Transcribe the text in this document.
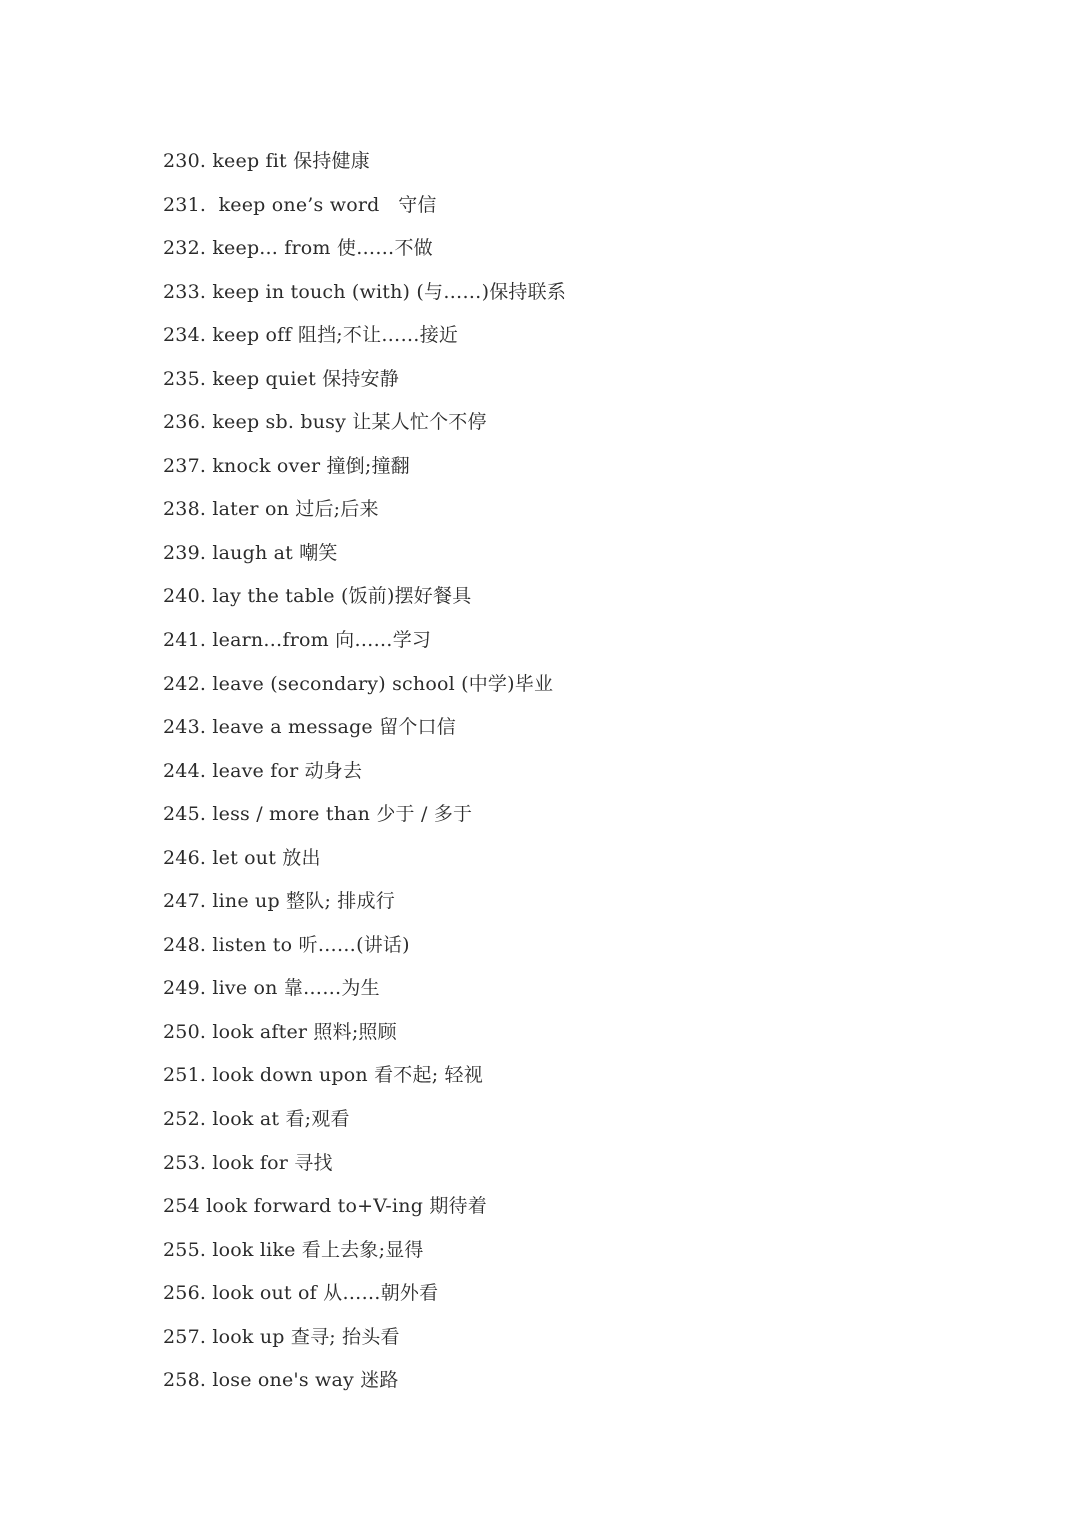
230. keep fit 保持健康
231.  keep one’s word   守信
232. keep... from 使……不做
233. keep in touch (with) (与……)保持联系
234. keep off 阻挡;不让……接近
235. keep quiet 保持安静
236. keep sb. busy 让某人忙个不停
237. knock over 撞倒;撞翻
238. later on 过后;后来
239. laugh at 嘲笑
240. lay the table (饭前)摆好餐具
241. learn…from 向……学习
242. leave (secondary) school (中学)毕业
243. leave a message 留个口信
244. leave for 动身去
245. less / more than 少于 / 多于
246. let out 放出
247. line up 整队; 排成行
248. listen to 听……(讲话)
249. live on 靠……为生
250. look after 照料;照顾
251. look down upon 看不起; 轻视
252. look at 看;观看
253. look for 寻找
254 look forward to+V-ing 期待着
255. look like 看上去象;显得
256. look out of 从……朝外看
257. look up 查寻; 抬头看
258. lose one's way 迷路
